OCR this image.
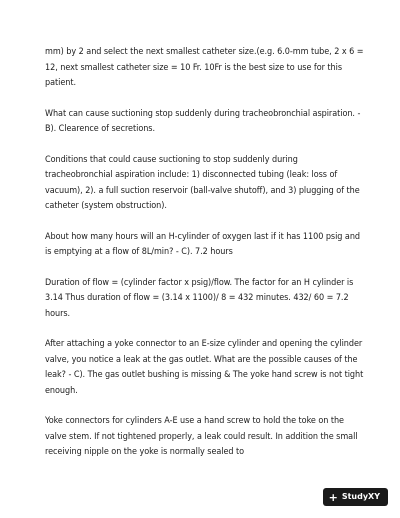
mm) by 2 and select the next smallest catheter size.(e.g. 6.0-mm tube, 2 x 6 = 12, next smallest catheter size = 10 Fr. 10Fr is the best size to use for this patient.

What can cause suctioning stop suddenly during tracheobronchial aspiration. - B). Clearence of secretions.

Conditions that could cause suctioning to stop suddenly during tracheobronchial aspiration include: 1) disconnected tubing (leak: loss of vacuum), 2). a full suction reservoir (ball-valve shutoff), and 3) plugging of the catheter (system obstruction).

About how many hours will an H-cylinder of oxygen last if it has 1100 psig and is emptying at a flow of 8L/min? - C). 7.2 hours

Duration of flow = (cylinder factor x psig)/flow. The factor for an H cylinder is 3.14 Thus duration of flow = (3.14 x 1100)/ 8 = 432 minutes. 432/ 60 = 7.2 hours.

After attaching a yoke connector to an E-size cylinder and opening the cylinder valve, you notice a leak at the gas outlet. What are the possible causes of the leak? - C). The gas outlet bushing is missing & The yoke hand screw is not tight enough.

Yoke connectors for cylinders A-E use a hand screw to hold the toke on the valve stem. If not tightened properly, a leak could result. In addition the small receiving nipple on the yoke is normally sealed to

+ StudyXY
